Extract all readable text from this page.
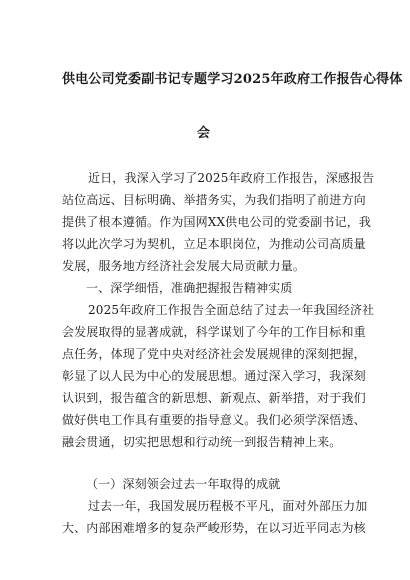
供电公司党委副书记专题学习2025年政府工作报告心得体
会
近日，我深入学习了2025年政府工作报告，深感报告
站位高远、目标明确、举措务实，为我们指明了前进方向
提供了根本遵循。作为国网XX供电公司的党委副书记，我
将以此次学习为契机，立足本职岗位，为推动公司高质量
发展，服务地方经济社会发展大局贡献力量。
一、深学细悟，准确把握报告精神实质
2025年政府工作报告全面总结了过去一年我国经济社
会发展取得的显著成就，科学谋划了今年的工作目标和重
点任务，体现了党中央对经济社会发展规律的深刻把握，
彰显了以人民为中心的发展思想。通过深入学习，我深刻
认识到，报告蕴含的新思想、新观点、新举措，对于我们
做好供电工作具有重要的指导意义。我们必须学深悟透、
融会贯通，切实把思想和行动统一到报告精神上来。
（一）深刻领会过去一年取得的成就
过去一年，我国发展历程极不平凡，面对外部压力加
大、内部困难增多的复杂严峻形势，在以习近平同志为核
